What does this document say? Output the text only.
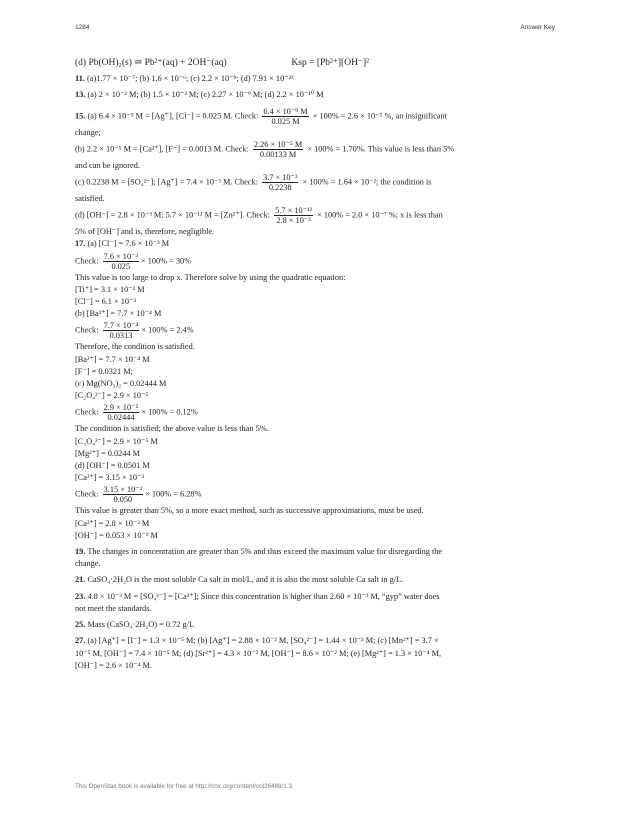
1284	Answer Key
(d) Pb(OH)₂(s) ⇌ Pb²⁺(aq) + 2OH⁻(aq)	Ksp = [Pb²⁺][OH⁻]²
11. (a)1.77 × 10⁻⁷; (b) 1.6 × 10⁻⁶; (c) 2.2 × 10⁻⁹; (d) 7.91 × 10⁻²²
13. (a) 2 × 10⁻² M; (b) 1.5 × 10⁻³ M; (c) 2.27 × 10⁻⁹ M; (d) 2.2 × 10⁻¹⁰ M
15. (a) 6.4 × 10⁻⁹ M = [Ag⁺], [Cl⁻] = 0.025 M. Check: $\frac{\text{6.4 × 10⁻⁹ M}}{0.025 M} \times 100\% = 2.6 \times 10^{-5}$ %, an insignificant
change;
(b) 2.2 × 10⁻⁵ M = [Ca²⁺], [F⁻] = 0.0013 M. Check: $\frac{\text{2.26 × 10⁻⁵ M}}{0.00133 M} \times 100\% = 1.70\%$. This value is less than 5%
and can be ignored.
(c) 0.2238 M = [SO₄²⁻]; [Ag⁺] = 7.4 × 10⁻³ M. Check: $\frac{\text{3.7 × 10⁻³}}{0.2238} \times 100\% = 1.64 \times 10^{-2}$; the condition is
satisfied.
(d) [OH⁻] = 2.8 × 10⁻³ M; 5.7 × 10⁻¹² M = [Zn²⁺]. Check: $\frac{\text{5.7 × 10⁻¹²}}{\text{2.8 × 10⁻³}} \times 100\% = 2.0 \times 10^{-7}$ %; x is less than
5% of [OH⁻] and is, therefore, negligible.
17. (a) [Cl⁻] = 7.6 × 10⁻³ M
Check: $\frac{\text{7.6 × 10⁻³}}{0.025} \times 100\% = 30\%$
This value is too large to drop x. Therefore solve by using the quadratic equation:
[Ti⁺] = 3.1 × 10⁻² M
[Cl⁻] = 6.1 × 10⁻³
(b) [Ba²⁺] = 7.7 × 10⁻⁴ M
Check: $\frac{\text{7.7 × 10⁻⁴}}{0.0313} \times 100\% = 2.4\%$
Therefore, the condition is satisfied.
[Ba²⁺] = 7.7 × 10⁻⁴ M
[F⁻] = 0.0321 M;
(c) Mg(NO₃)₂ = 0.02444 M
[C₂O₄²⁻] = 2.9 × 10⁻⁵
Check: $\frac{\text{2.9 × 10⁻⁵}}{0.02444} \times 100\% = 0.12\%$
The condition is satisfied; the above value is less than 5%.
[C₂O₄²⁻] = 2.9 × 10⁻⁵ M
[Mg²⁺] = 0.0244 M
(d) [OH⁻] = 0.0501 M
[Ca²⁺] = 3.15 × 10⁻³
Check: $\frac{\text{3.15 × 10⁻³}}{0.050} \times 100\% = 6.28\%$
This value is greater than 5%, so a more exact method, such as successive approximations, must be used.
[Ca²⁺] = 2.8 × 10⁻³ M
[OH⁻] = 0.053 × 10⁻² M
19. The changes in concentration are greater than 5% and thus exceed the maximum value for disregarding the
change.
21. CaSO₄·2H₂O is the most soluble Ca salt in mol/L, and it is also the most soluble Ca salt in g/L.
23. 4.8 × 10⁻³ M = [SO₄²⁻] = [Ca²⁺]; Since this concentration is higher than 2.60 × 10⁻³ M, “gyp” water does
not meet the standards.
25. Mass (CaSO₄·2H₂O) = 0.72 g/L
27. (a) [Ag⁺] = [I⁻] = 1.3 × 10⁻⁵ M; (b) [Ag⁺] = 2.88 × 10⁻² M, [SO₄²⁻] = 1.44 × 10⁻² M; (c) [Mn²⁺] = 3.7 ×
10⁻⁵ M, [OH⁻] = 7.4 × 10⁻⁵ M; (d) [Sr²⁺] = 4.3 × 10⁻² M, [OH⁻] = 8.6 × 10⁻² M; (e) [Mg²⁺] = 1.3 × 10⁻⁴ M,
[OH⁻] = 2.6 × 10⁻⁴ M.
This OpenStax book is available for free at http://cnx.org/content/col26488/1.3
